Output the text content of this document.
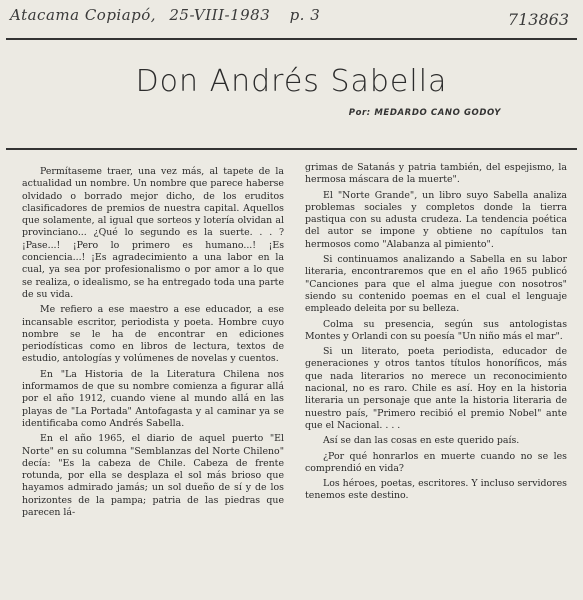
Atacama Copiapó, 25-VIII-1983 p. 3	713863
Don Andrés Sabella
Por: MEDARDO CANO GODOY

Permítaseme traer, una vez más, al tapete de la actualidad un nombre. Un nombre que parece haberse olvidado o borrado mejor dicho, de los eruditos clasificadores de premios de nuestra capital. Aquellos que solamente, al igual que sorteos y lotería olvidan al provinciano... ¿Qué lo segundo es la suerte. . . ? ¡Pase...! ¡Pero lo primero es humano...! ¡Es conciencia...! ¡Es agradecimiento a una labor en la cual, ya sea por profesionalismo o por amor a lo que se realiza, o idealismo, se ha entregado toda una parte de su vida.

Me refiero a ese maestro a ese educador, a ese incansable escritor, periodista y poeta. Hombre cuyo nombre se le ha de encontrar en ediciones periodísticas como en libros de lectura, textos de estudio, antologías y volúmenes de novelas y cuentos.

En "La Historia de la Literatura Chilena nos informamos de que su nombre comienza a figurar allá por el año 1912, cuando viene al mundo allá en las playas de "La Portada" Antofagasta y al caminar ya se identificaba como Andrés Sabella.

En el año 1965, el diario de aquel puerto "El Norte" en su columna "Semblanzas del Norte Chileno" decía: "Es la cabeza de Chile. Cabeza de frente rotunda, por ella se desplaza el sol más brioso que hayamos admirado jamás; un sol dueño de sí y de los horizontes de la pampa; patria de las piedras que parecen lá-

grimas de Satanás y patria también, del espejismo, la hermosa máscara de la muerte".

El "Norte Grande", un libro suyo Sabella analiza problemas sociales y completos donde la tierra pastiqua con su adusta crudeza. La tendencia poética del autor se impone y obtiene no capítulos tan hermosos como "Alabanza al pimiento".

Si continuamos analizando a Sabella en su labor literaria, encontraremos que en el año 1965 publicó "Canciones para que el alma juegue con nosotros" siendo su contenido poemas en el cual el lenguaje empleado deleita por su belleza.

Colma su presencia, según sus antologistas Montes y Orlandi con su poesía "Un niño más el mar".

Si un literato, poeta periodista, educador de generaciones y otros tantos títulos honoríficos, más que nada literarios no merece un reconocimiento nacional, no es raro. Chile es así. Hoy en la historia literaria un personaje que ante la historia literaria de nuestro país, "Primero recibió el premio Nobel" ante que el Nacional. . . .

Así se dan las cosas en este querido país.

¿Por qué honrarlos en muerte cuando no se les comprendió en vida?

Los héroes, poetas, escritores. Y incluso servidores tenemos este destino.
